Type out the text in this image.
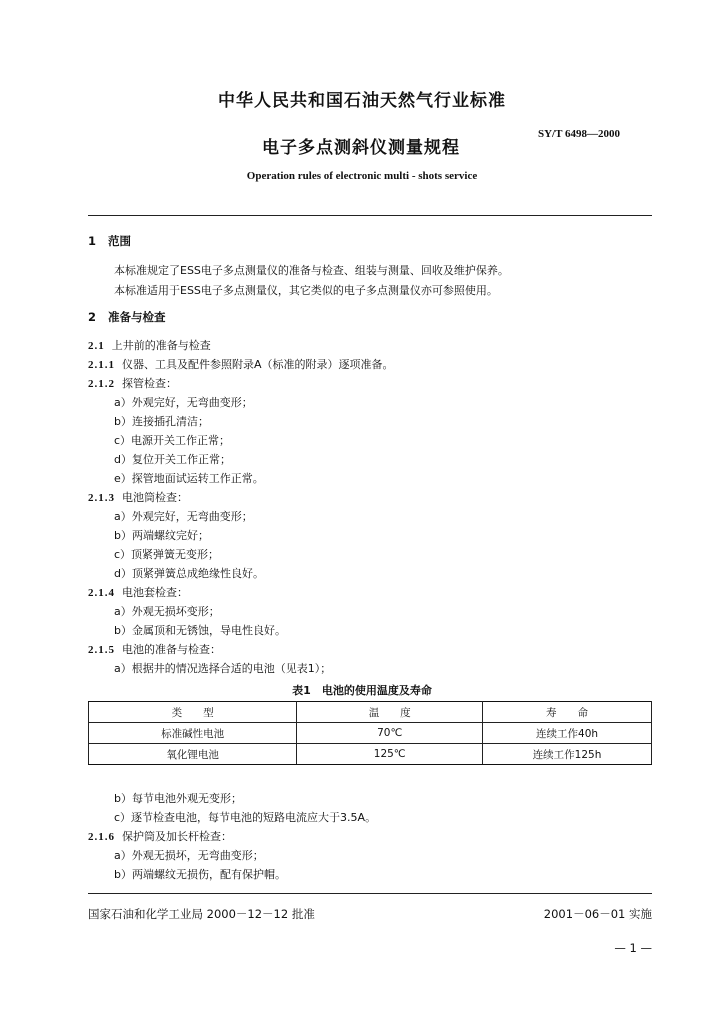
中华人民共和国石油天然气行业标准
SY/T 6498—2000
电子多点测斜仪测量规程
Operation rules of electronic multi - shots service
1 范围
本标准规定了ESS电子多点测量仪的准备与检查、组装与测量、回收及维护保养。
本标准适用于ESS电子多点测量仪，其它类似的电子多点测量仪亦可参照使用。
2 准备与检查
2.1 上井前的准备与检查
2.1.1 仪器、工具及配件参照附录A（标准的附录）逐项准备。
2.1.2 探管检查：
a）外观完好，无弯曲变形；
b）连接插孔清洁；
c）电源开关工作正常；
d）复位开关工作正常；
e）探管地面试运转工作正常。
2.1.3 电池筒检查：
a）外观完好，无弯曲变形；
b）两端螺纹完好；
c）顶紧弹簧无变形；
d）顶紧弹簧总成绝缘性良好。
2.1.4 电池套检查：
a）外观无损坏变形；
b）金属顶和无锈蚀，导电性良好。
2.1.5 电池的准备与检查：
a）根据井的情况选择合适的电池（见表1）；
表1　电池的使用温度及寿命
类　　型	温　　度	寿　　命
标准碱性电池	70℃	连续工作40h
氧化锂电池	125℃	连续工作125h
b）每节电池外观无变形；
c）逐节检查电池，每节电池的短路电流应大于3.5A。
2.1.6 保护筒及加长杆检查：
a）外观无损坏，无弯曲变形；
b）两端螺纹无损伤，配有保护帽。
国家石油和化学工业局 2000－12－12 批准	2001－06－01 实施
— 1 —
